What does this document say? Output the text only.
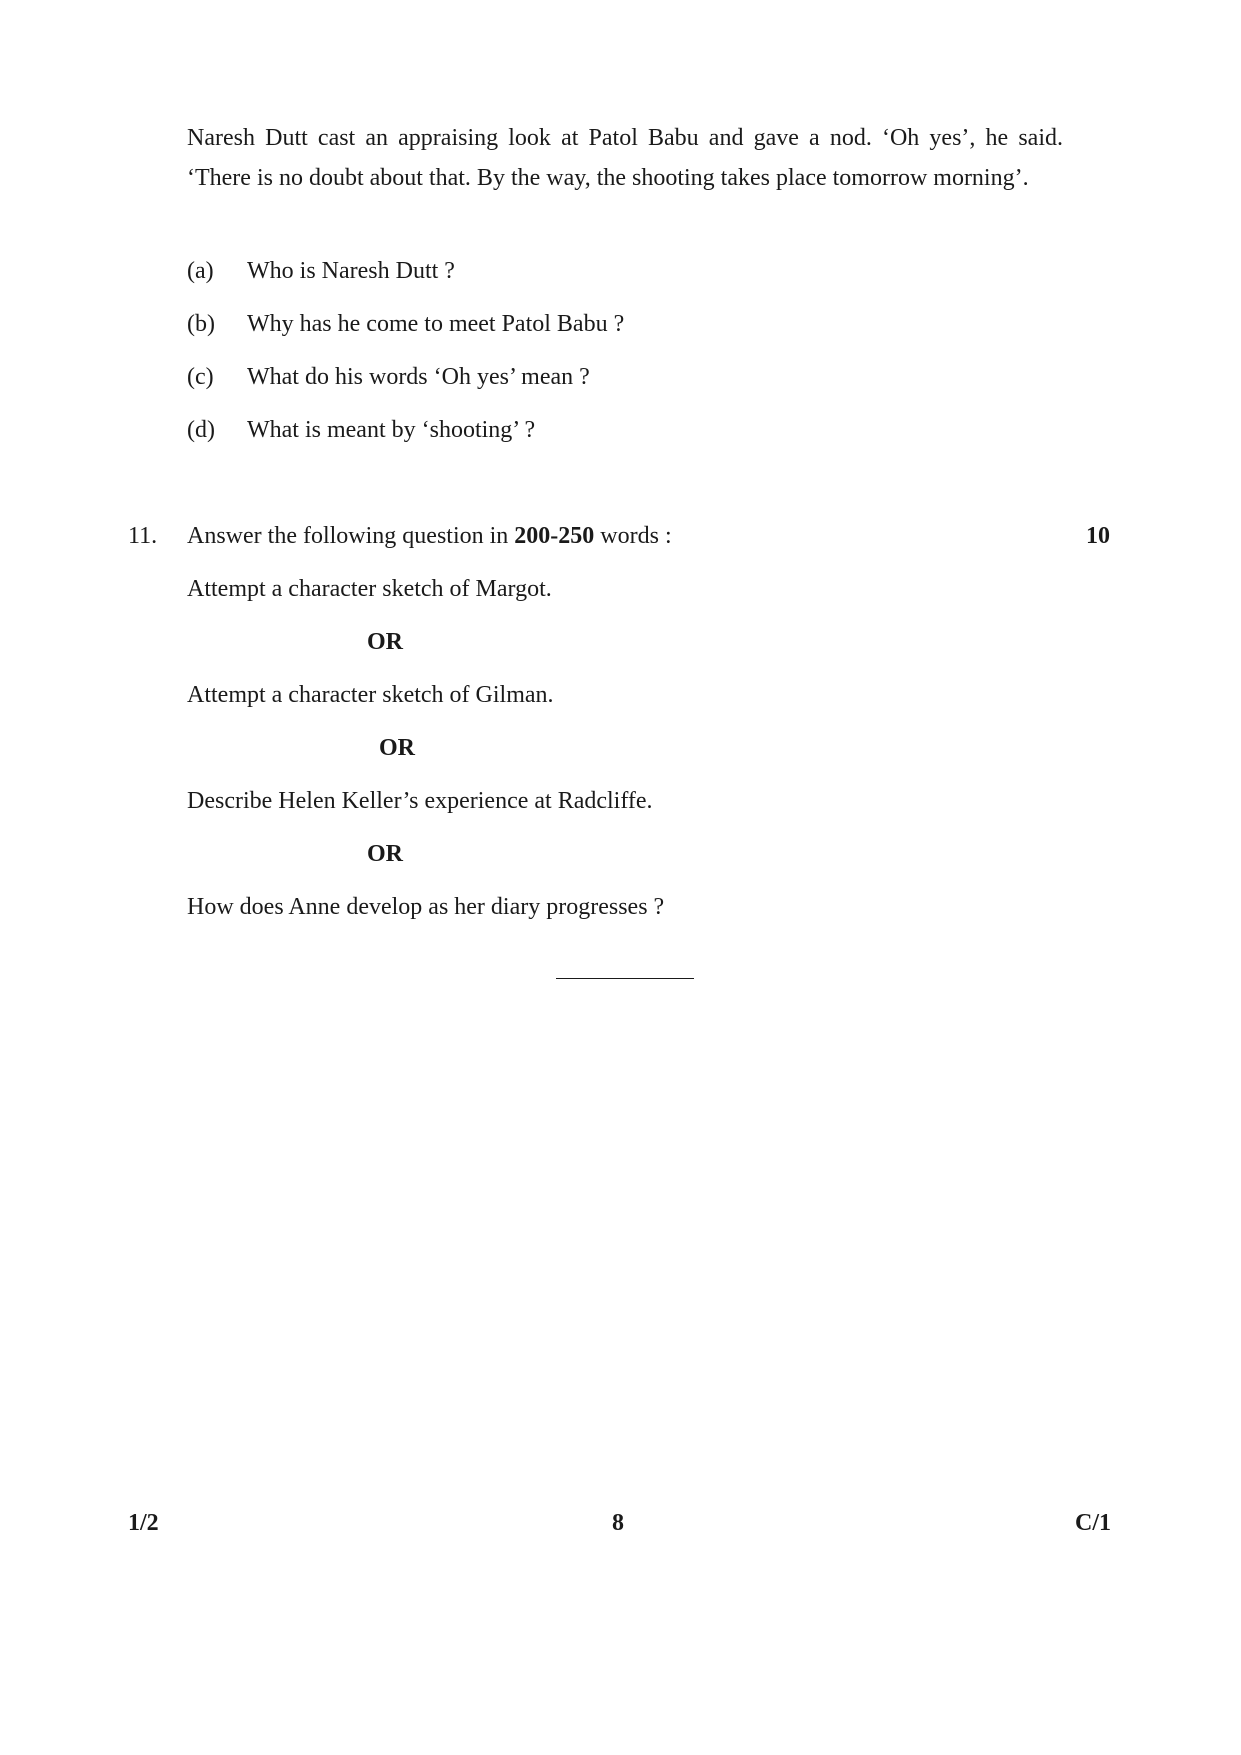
Naresh Dutt cast an appraising look at Patol Babu and gave a nod. ‘Oh yes’, he said. ‘There is no doubt about that. By the way, the shooting takes place tomorrow morning’.

(a) Who is Naresh Dutt ?
(b) Why has he come to meet Patol Babu ?
(c) What do his words ‘Oh yes’ mean ?
(d) What is meant by ‘shooting’ ?
11. Answer the following question in 200-250 words :	10
Attempt a character sketch of Margot.
OR
Attempt a character sketch of Gilman.
OR
Describe Helen Keller’s experience at Radcliffe.
OR
How does Anne develop as her diary progresses ?
1/2	8	C/1
